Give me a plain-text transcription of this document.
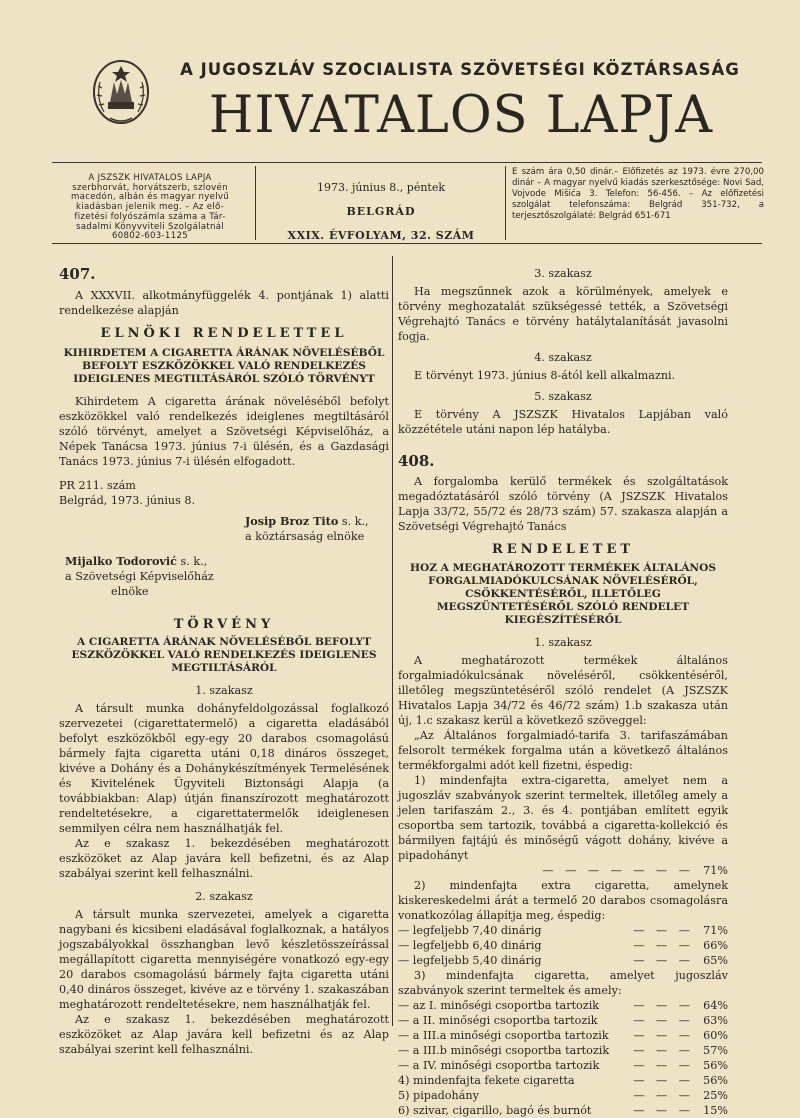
A JUGOSZLÁV SZOCIALISTA SZÖVETSÉGI KÖZTÁRSASÁG
HIVATALOS LAPJA
A JSZSZK HIVATALOS LAPJA
szerbhorvát, horvátszerb, szlovén
macedón, albán és magyar nyelvű
kiadásban jelenik meg. – Az elő-
fizetési folyószámla száma a Tár-
sadalmi Könyvviteli Szolgálatnál
60802-603-1125
1973. június 8., péntek
BELGRÁD
XXIX. ÉVFOLYAM, 32. SZÁM
E szám ára 0,50 dinár.– Előfizetés az 1973. évre 270,00 dinár – A magyar nyelvű kiadás szerkesztősége: Novi Sad, Vojvode Mišića 3. Telefon: 56-456. – Az előfizetési szolgálat telefonszáma: Belgrád 351-732, a terjesztőszolgálaté: Belgrád 651-671

407.

A XXXVII. alkotmányfüggelék 4. pontjának 1) alatti rendelkezése alapján

ELNÖKI RENDELETTEL

KIHIRDETEM A CIGARETTA ÁRÁNAK NÖVELÉSÉBŐL BEFOLYT ESZKÖZÖKKEL VALÓ RENDELKEZÉS IDEIGLENES MEGTILTÁSÁRÓL SZÓLÓ TÖRVÉNYT

Kihirdetem A cigaretta árának növeléséből befolyt eszközökkel való rendelkezés ideiglenes megtiltásáról szóló törvényt, amelyet a Szövetségi Képviselőház, a Népek Tanácsa 1973. június 7-i ülésén, és a Gazdasági Tanács 1973. június 7-i ülésén elfogadott.

PR 211. szám

Belgrád, 1973. június 8.

Josip Broz Tito s. k.,

a köztársaság elnöke

Mijalko Todorović s. k.,

a Szövetségi Képviselőház

elnöke

TÖRVÉNY

A CIGARETTA ÁRÁNAK NÖVELÉSÉBŐL BEFOLYT ESZKÖZÖKKEL VALÓ RENDELKEZÉS IDEIGLENES MEGTILTÁSÁRÓL

1. szakasz

A társult munka dohányfeldolgozással foglalkozó szervezetei (cigarettatermelő) a cigaretta eladásából befolyt eszközökből egy-egy 20 darabos csomagolású bármely fajta cigaretta utáni 0,18 dináros összeget, kivéve a Dohány és a Dohánykészítmények Termelésének és Kivitelének Ügyviteli Biztonsági Alapja (a továbbiakban: Alap) útján finanszírozott meghatározott rendeltetésekre, a cigarettatermelők ideiglenesen semmilyen célra nem használhatják fel.

Az e szakasz 1. bekezdésében meghatározott eszközöket az Alap javára kell befizetni, és az Alap szabályai szerint kell felhasználni.

2. szakasz

A társult munka szervezetei, amelyek a cigaretta nagybani és kicsibeni eladásával foglalkoznak, a hatályos jogszabályokkal összhangban levő készletösszeírással megállapított cigaretta mennyiségére vonatkozó egy-egy 20 darabos csomagolású bármely fajta cigaretta utáni 0,40 dináros összeget, kivéve az e törvény 1. szakaszában meghatározott rendeltetésekre, nem használhatják fel.

Az e szakasz 1. bekezdésében meghatározott eszközöket az Alap javára kell befizetni és az Alap szabályai szerint kell felhasználni.

3. szakasz

Ha megszűnnek azok a körülmények, amelyek e törvény meghozatalát szükségessé tették, a Szövetségi Végrehajtó Tanács e törvény hatálytalanítását javasolni fogja.

4. szakasz

E törvényt 1973. június 8-ától kell alkalmazni.

5. szakasz

E törvény A JSZSZK Hivatalos Lapjában való közzététele utáni napon lép hatályba.

408.

A forgalomba kerülő termékek és szolgáltatások megadóztatásáról szóló törvény (A JSZSZK Hivatalos Lapja 33/72, 55/72 és 28/73 szám) 57. szakasza alapján a Szövetségi Végrehajtó Tanács

RENDELETET

HOZ A MEGHATÁROZOTT TERMÉKEK ÁLTALÁNOS FORGALMIADÓKULCSÁNAK NÖVELÉSÉRŐL, CSÖKKENTÉSÉRŐL, ILLETŐLEG MEGSZÜNTETÉSÉRŐL SZÓLÓ RENDELET KIEGÉSZÍTÉSÉRŐL

1. szakasz

A meghatározott termékek általános forgalmiadókulcsának növeléséről, csökkentéséről, illetőleg megszüntetéséről szóló rendelet (A JSZSZK Hivatalos Lapja 34/72 és 46/72 szám) 1.b szakasza után új, 1.c szakasz kerül a következő szöveggel:

„Az Általános forgalmiadó-tarifa 3. tarifaszámában felsorolt termékek forgalma után a következő általános termékforgalmi adót kell fizetni, éspedig:

1) mindenfajta extra-cigaretta, amelyet nem a jugoszláv szabványok szerint termeltek, illetőleg amely a jelen tarifaszám 2., 3. és 4. pontjában említett egyik csoportba sem tartozik, továbbá a cigaretta-kollekció és bármilyen fajtájú és minőségű vágott dohány, kivéve a pipadohányt

— — — — — — — 71%

2) mindenfajta extra cigaretta, amelynek kiskereskedelmi árát a termelő 20 darabos csomagolásra vonatkozólag állapítja meg, éspedig:

— legfeljebb 7,40 dinárig	— — — 71%

— legfeljebb 6,40 dinárig	— — — 66%

— legfeljebb 5,40 dinárig	— — — 65%

3) mindenfajta cigaretta, amelyet jugoszláv szabványok szerint termeltek és amely:

— az I. minőségi csoportba tartozik	— — — 64%

— a II. minőségi csoportba tartozik	— — — 63%

— a III.a minőségi csoportba tartozik	— — — 60%

— a III.b minőségi csoportba tartozik	— — — 57%

— a IV. minőségi csoportba tartozik	— — — 56%

4) mindenfajta fekete cigaretta	— — — 56%

5) pipadohány	— — — 25%

6) szivar, cigarillo, bagó és burnót	— — — 15%
